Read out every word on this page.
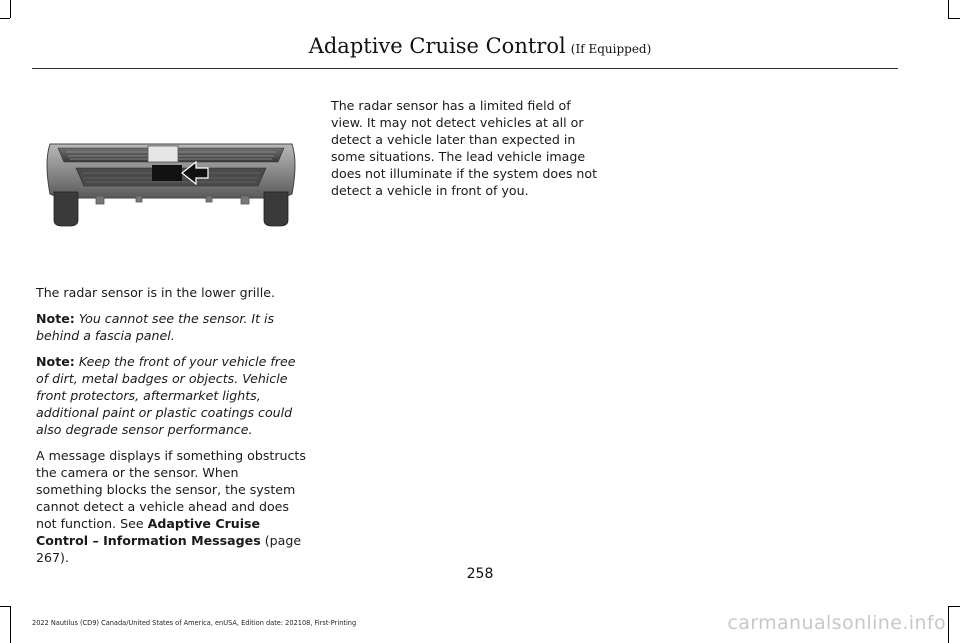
Adaptive Cruise Control (If Equipped)

The radar sensor is in the lower grille.

Note: You cannot see the sensor. It is behind a fascia panel.

Note: Keep the front of your vehicle free of dirt, metal badges or objects. Vehicle front protectors, aftermarket lights, additional paint or plastic coatings could also degrade sensor performance.

A message displays if something obstructs the camera or the sensor. When something blocks the sensor, the system cannot detect a vehicle ahead and does not function. See Adaptive Cruise Control – Information Messages (page 267).

The radar sensor has a limited field of view. It may not detect vehicles at all or detect a vehicle later than expected in some situations. The lead vehicle image does not illuminate if the system does not detect a vehicle in front of you.

258
2022 Nautilus (CD9) Canada/United States of America, enUSA, Edition date: 202108, First-Printing	carmanualsonline.info
